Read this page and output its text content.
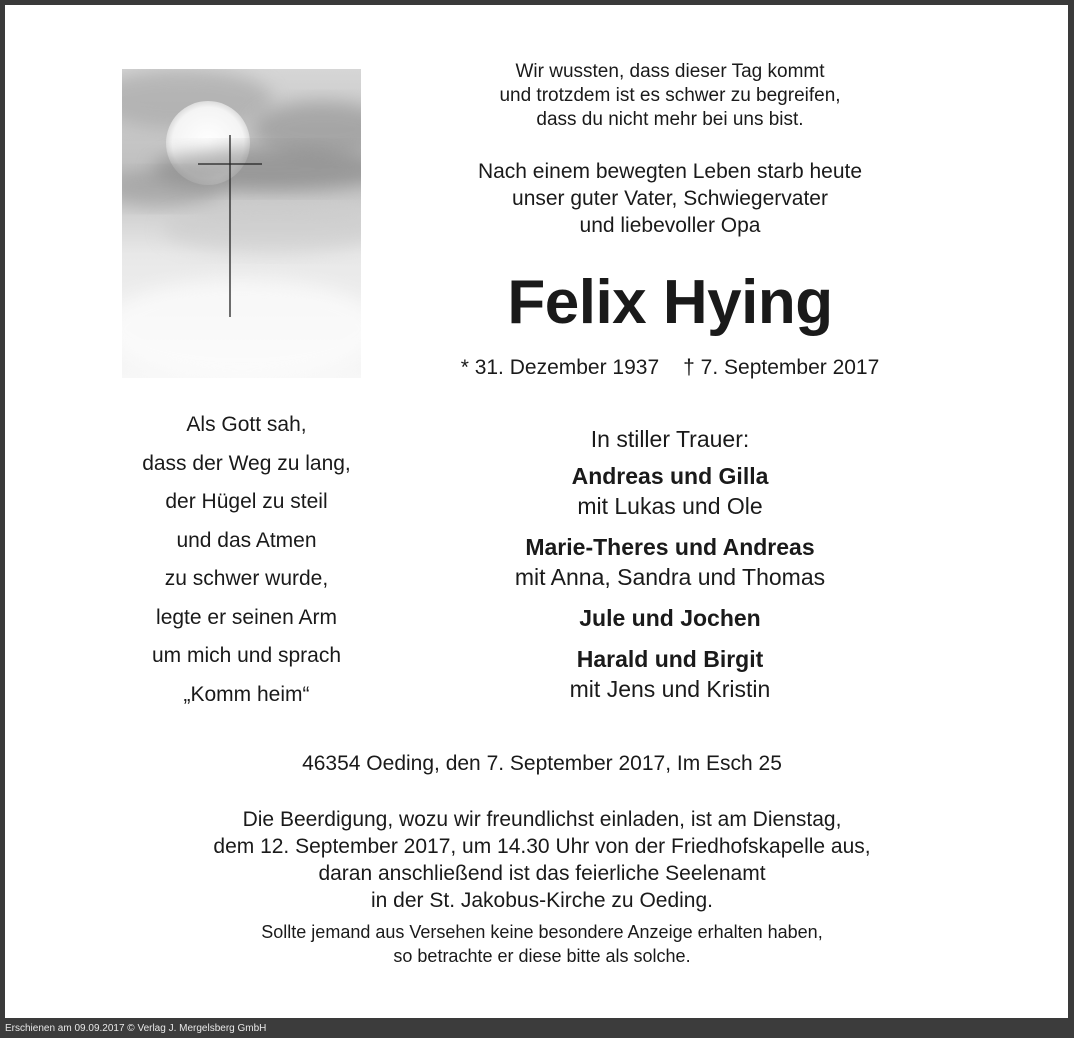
Wir wussten, dass dieser Tag kommt
und trotzdem ist es schwer zu begreifen,
dass du nicht mehr bei uns bist.
Nach einem bewegten Leben starb heute
unser guter Vater, Schwiegervater
und liebevoller Opa
Felix Hying
* 31. Dezember 1937 † 7. September 2017
Als Gott sah,
dass der Weg zu lang,
der Hügel zu steil
und das Atmen
zu schwer wurde,
legte er seinen Arm
um mich und sprach
„Komm heim“
In stiller Trauer:
Andreas und Gilla
mit Lukas und Ole
Marie-Theres und Andreas
mit Anna, Sandra und Thomas
Jule und Jochen
Harald und Birgit
mit Jens und Kristin
46354 Oeding, den 7. September 2017, Im Esch 25
Die Beerdigung, wozu wir freundlichst einladen, ist am Dienstag,
dem 12. September 2017, um 14.30 Uhr von der Friedhofskapelle aus,
daran anschließend ist das feierliche Seelenamt
in der St. Jakobus-Kirche zu Oeding.
Sollte jemand aus Versehen keine besondere Anzeige erhalten haben,
so betrachte er diese bitte als solche.
Erschienen am 09.09.2017 © Verlag J. Mergelsberg GmbH
